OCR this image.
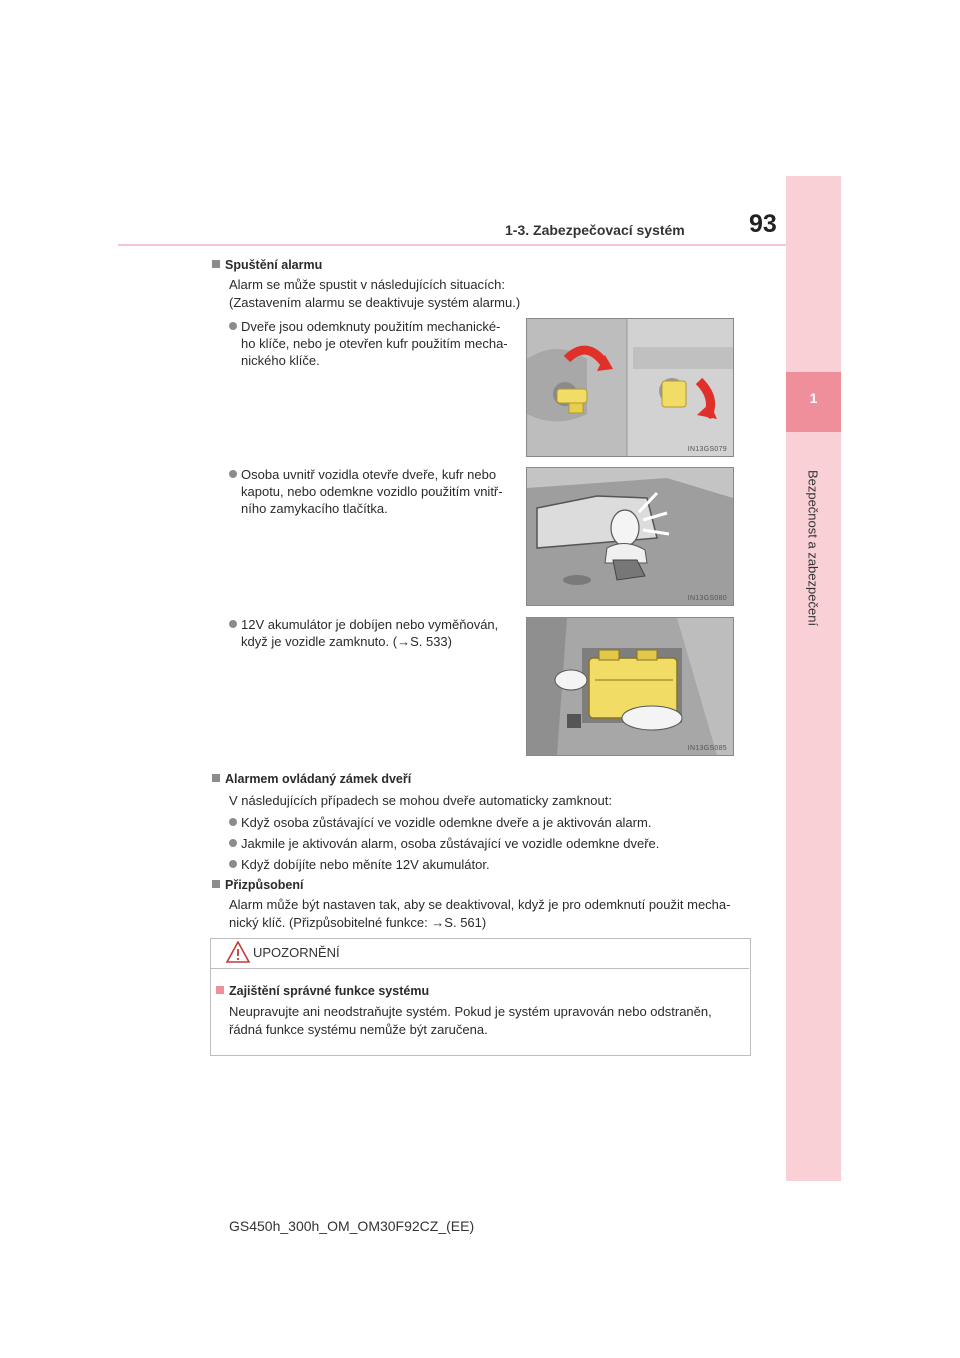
1-3. Zabezpečovací systém	93
1
Bezpečnost a zabezpečení
Spuštění alarmu
Alarm se může spustit v následujících situacích:
(Zastavením alarmu se deaktivuje systém alarmu.)
Dveře jsou odemknuty použitím mechanické-
ho klíče, nebo je otevřen kufr použitím mecha-
nického klíče.
IN13GS079
Osoba uvnitř vozidla otevře dveře, kufr nebo
kapotu, nebo odemkne vozidlo použitím vnitř-
ního zamykacího tlačítka.
IN13GS080
12V akumulátor je dobíjen nebo vyměňován,
když je vozidle zamknuto. (→S. 533)
IN13GS085
Alarmem ovládaný zámek dveří
V následujících případech se mohou dveře automaticky zamknout:
Když osoba zůstávající ve vozidle odemkne dveře a je aktivován alarm.
Jakmile je aktivován alarm, osoba zůstávající ve vozidle odemkne dveře.
Když dobíjíte nebo měníte 12V akumulátor.
Přizpůsobení
Alarm může být nastaven tak, aby se deaktivoval, když je pro odemknutí použit mecha-
nický klíč. (Přizpůsobitelné funkce: →S. 561)
UPOZORNĚNÍ
Zajištění správné funkce systému
Neupravujte ani neodstraňujte systém. Pokud je systém upravován nebo odstraněn,
řádná funkce systému nemůže být zaručena.
GS450h_300h_OM_OM30F92CZ_(EE)
